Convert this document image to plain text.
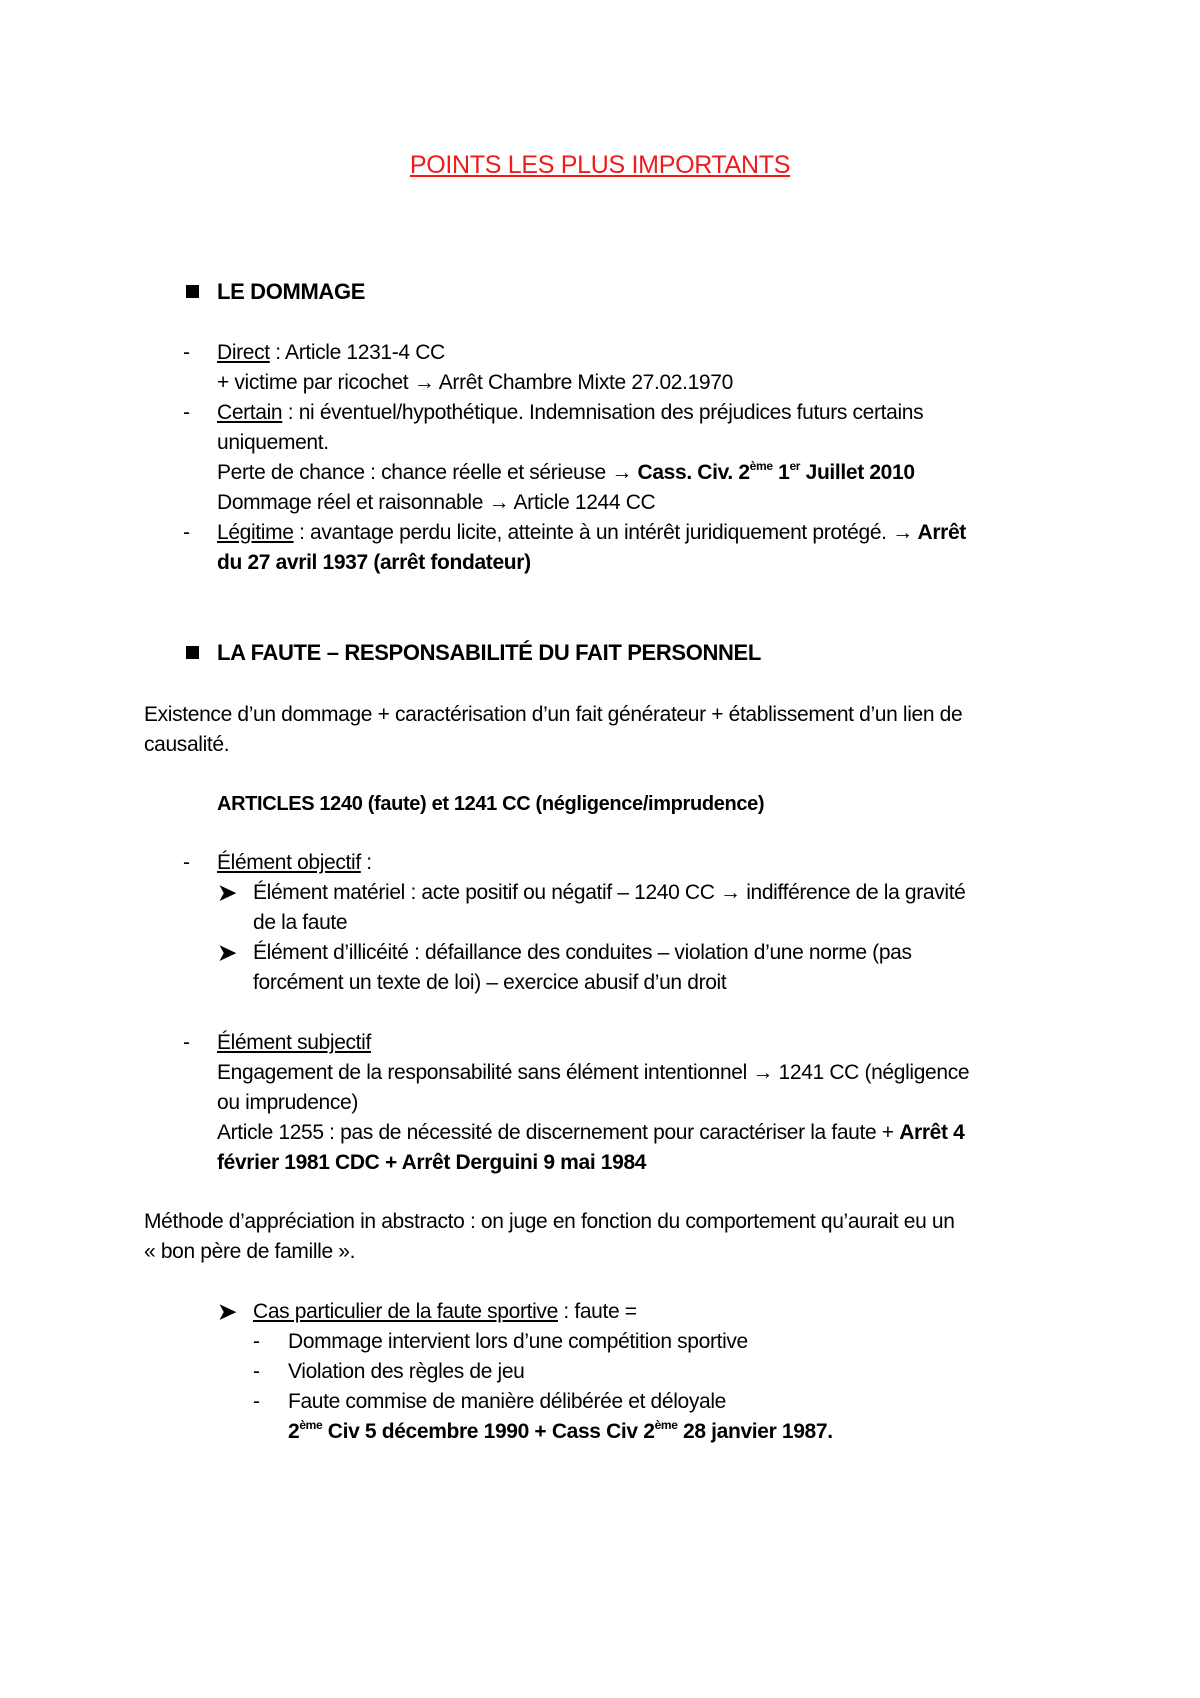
POINTS LES PLUS IMPORTANTS
LE DOMMAGE
- Direct : Article 1231-4 CC
+ victime par ricochet → Arrêt Chambre Mixte 27.02.1970
- Certain : ni éventuel/hypothétique. Indemnisation des préjudices futurs certains
uniquement.
Perte de chance : chance réelle et sérieuse → Cass. Civ. 2ème 1er Juillet 2010
Dommage réel et raisonnable → Article 1244 CC
- Légitime : avantage perdu licite, atteinte à un intérêt juridiquement protégé. → Arrêt
du 27 avril 1937 (arrêt fondateur)
LA FAUTE – RESPONSABILITÉ DU FAIT PERSONNEL
Existence d’un dommage + caractérisation d’un fait générateur + établissement d’un lien de
causalité.
ARTICLES 1240 (faute) et 1241 CC (négligence/imprudence)
- Élément objectif :
➤ Élément matériel : acte positif ou négatif – 1240 CC → indifférence de la gravité
de la faute
➤ Élément d’illicéité : défaillance des conduites – violation d’une norme (pas
forcément un texte de loi) – exercice abusif d’un droit
- Élément subjectif
Engagement de la responsabilité sans élément intentionnel → 1241 CC (négligence
ou imprudence)
Article 1255 : pas de nécessité de discernement pour caractériser la faute + Arrêt 4
février 1981 CDC + Arrêt Derguini 9 mai 1984
Méthode d’appréciation in abstracto : on juge en fonction du comportement qu’aurait eu un
« bon père de famille ».
➤ Cas particulier de la faute sportive : faute =
- Dommage intervient lors d’une compétition sportive
- Violation des règles de jeu
- Faute commise de manière délibérée et déloyale
2ème Civ 5 décembre 1990 + Cass Civ 2ème 28 janvier 1987.
